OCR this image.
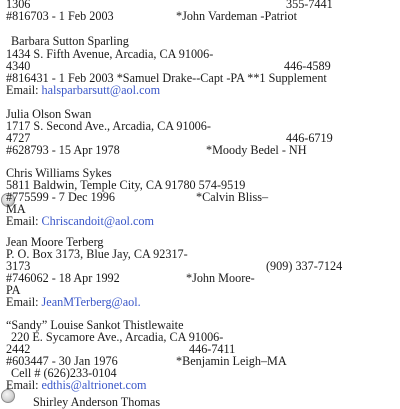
1306	355-7441
#816703 - 1 Feb 2003	*John Vardeman -Patriot
Barbara Sutton Sparling
1434 S. Fifth Avenue, Arcadia, CA 91006-
4340	446-4589
#816431 - 1 Feb 2003 *Samuel Drake--Capt -PA **1 Supplement
Email: halsparbarsutt@aol.com
Julia Olson Swan
1717 S. Second Ave., Arcadia, CA 91006-
4727	446-6719
#628793 - 15 Apr 1978	*Moody Bedel - NH
Chris Williams Sykes
5811 Baldwin, Temple City, CA 91780 574-9519
#775599 - 7 Dec 1996	*Calvin Bliss–
MA
Email: Chriscandoit@aol.com
Jean Moore Terberg
P. O. Box 3173, Blue Jay, CA 92317-
3173	(909) 337-7124
#746062 - 18 Apr 1992	*John Moore-
PA
Email: JeanMTerberg@aol.
“Sandy” Louise Sankot Thistlewaite
220 E. Sycamore Ave., Arcadia, CA 91006-
2442	446-7411
#603447 - 30 Jan 1976	*Benjamin Leigh–MA
Cell # (626)233-0104
Email: edthis@altrionet.com
Shirley Anderson Thomas
